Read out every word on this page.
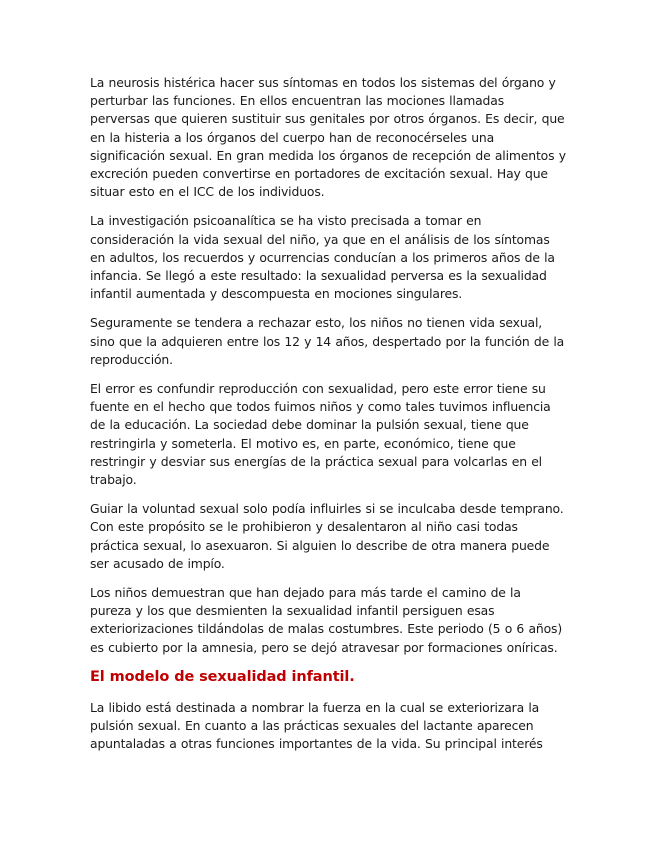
La neurosis histérica hacer sus síntomas en todos los sistemas del órgano y perturbar las funciones. En ellos encuentran las mociones llamadas perversas que quieren sustituir sus genitales por otros órganos. Es decir, que en la histeria a los órganos del cuerpo han de reconocérseles una significación sexual. En gran medida los órganos de recepción de alimentos y excreción pueden convertirse en portadores de excitación sexual. Hay que situar esto en el ICC de los individuos.

La investigación psicoanalítica se ha visto precisada a tomar en consideración la vida sexual del niño, ya que en el análisis de los síntomas en adultos, los recuerdos y ocurrencias conducían a los primeros años de la infancia. Se llegó a este resultado: la sexualidad perversa es la sexualidad infantil aumentada y descompuesta en mociones singulares.

Seguramente se tendera a rechazar esto, los niños no tienen vida sexual, sino que la adquieren entre los 12 y 14 años, despertado por la función de la reproducción.

El error es confundir reproducción con sexualidad, pero este error tiene su fuente en el hecho que todos fuimos niños y como tales tuvimos influencia de la educación. La sociedad debe dominar la pulsión sexual, tiene que restringirla y someterla. El motivo es, en parte, económico, tiene que restringir y desviar sus energías de la práctica sexual para volcarlas en el trabajo.

Guiar la voluntad sexual solo podía influirles si se inculcaba desde temprano. Con este propósito se le prohibieron y desalentaron al niño casi todas práctica sexual, lo asexuaron. Si alguien lo describe de otra manera puede ser acusado de impío.

Los niños demuestran que han dejado para más tarde el camino de la pureza y los que desmienten la sexualidad infantil persiguen esas exteriorizaciones tildándolas de malas costumbres. Este periodo (5 o 6 años) es cubierto por la amnesia, pero se dejó atravesar por formaciones oníricas.

El modelo de sexualidad infantil.

La libido está destinada a nombrar la fuerza en la cual se exteriorizara la pulsión sexual. En cuanto a las prácticas sexuales del lactante aparecen apuntaladas a otras funciones importantes de la vida. Su principal interés
